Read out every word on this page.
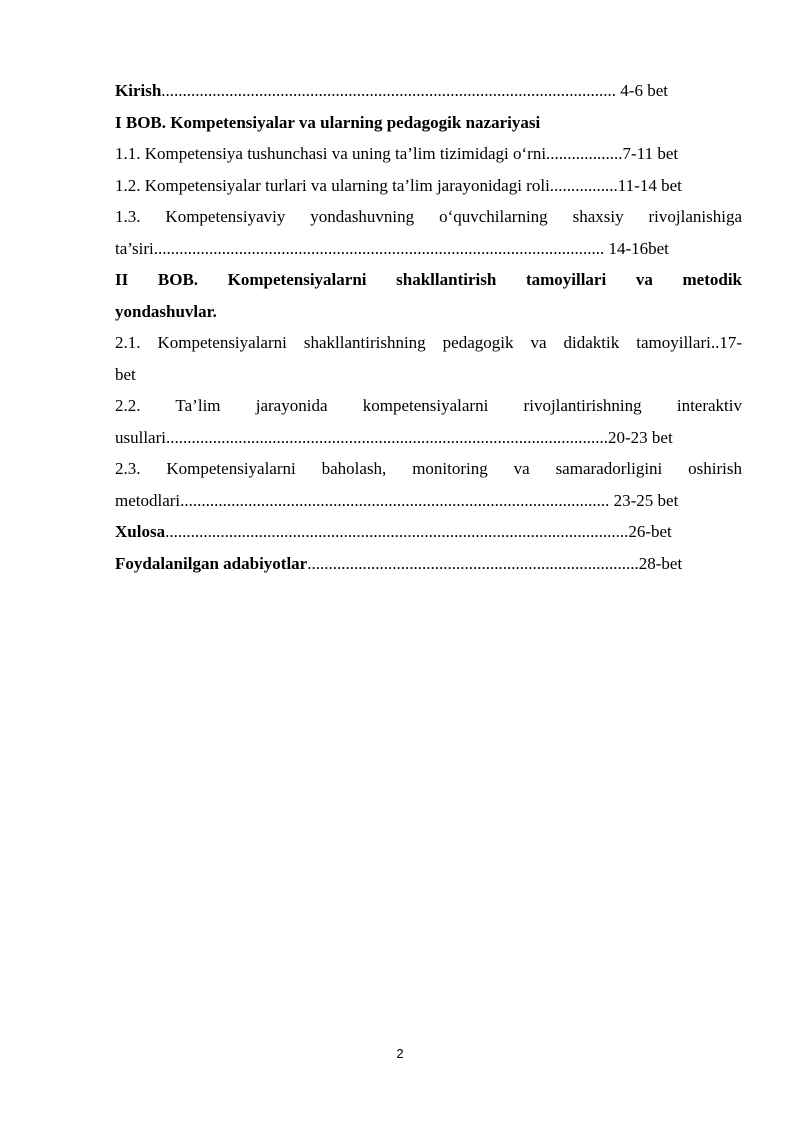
Kirish........................................................................................................... 4-6 bet
I BOB. Kompetensiyalar va ularning pedagogik nazariyasi
1.1. Kompetensiya tushunchasi va uning ta’lim tizimidagi o‘rni..................7-11 bet
1.2. Kompetensiyalar turlari va ularning ta’lim jarayonidagi roli................11-14 bet
1.3. Kompetensiyaviy yondashuvning o‘quvchilarning shaxsiy rivojlanishiga
ta’siri.......................................................................................................... 14-16bet
II BOB. Kompetensiyalarni shakllantirish tamoyillari va metodik
yondashuvlar.
2.1. Kompetensiyalarni shakllantirishning pedagogik va didaktik tamoyillari..17-
bet
2.2. Ta’lim jarayonida kompetensiyalarni rivojlantirishning interaktiv
usullari........................................................................................................20-23 bet
2.3. Kompetensiyalarni baholash, monitoring va samaradorligini oshirish
metodlari..................................................................................................... 23-25 bet
Xulosa.............................................................................................................26-bet
Foydalanilgan adabiyotlar..............................................................................28-bet
2
